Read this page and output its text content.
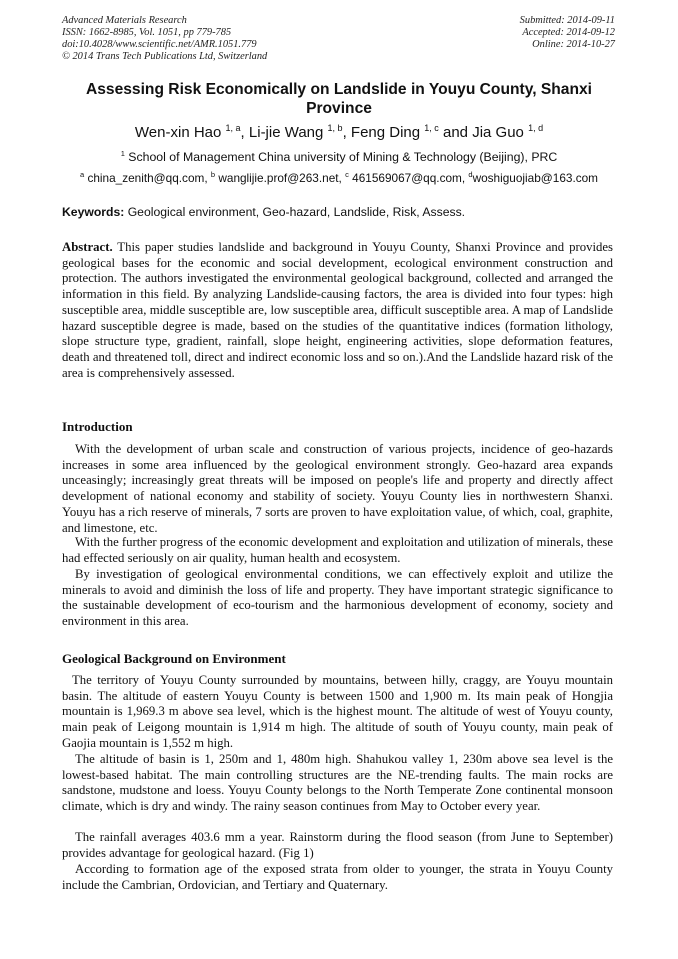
Advanced Materials Research
ISSN: 1662-8985, Vol. 1051, pp 779-785
doi:10.4028/www.scientific.net/AMR.1051.779
© 2014 Trans Tech Publications Ltd, Switzerland
Submitted: 2014-09-11
Accepted: 2014-09-12
Online: 2014-10-27
Assessing Risk Economically on Landslide in Youyu County, Shanxi Province
Wen-xin Hao $^{1, a}$, Li-jie Wang $^{1, b}$, Feng Ding $^{1, c}$ and Jia Guo $^{1, d}$
$^1$ School of Management China university of Mining & Technology (Beijing), PRC
$^a$ china_zenith@qq.com, $^b$ wanglijie.prof@263.net, $^c$ 461569067@qq.com, $^d$woshiguojiab@163.com
Keywords: Geological environment, Geo-hazard, Landslide, Risk, Assess.

Abstract. This paper studies landslide and background in Youyu County, Shanxi Province and provides geological bases for the economic and social development, ecological environment construction and protection. The authors investigated the environmental geological background, collected and arranged the information in this field. By analyzing Landslide-causing factors, the area is divided into four types: high susceptible area, middle susceptible are, low susceptible area, difficult susceptible area. A map of Landslide hazard susceptible degree is made, based on the studies of the quantitative indices (formation lithology, slope structure type, gradient, rainfall, slope height, engineering activities, slope deformation features, death and threatened toll, direct and indirect economic loss and so on.).And the Landslide hazard risk of the area is comprehensively assessed.

Introduction

With the development of urban scale and construction of various projects, incidence of geo-hazards increases in some area influenced by the geological environment strongly. Geo-hazard area expands unceasingly; increasingly great threats will be imposed on people's life and property and directly affect development of national economy and stability of society. Youyu County lies in northwestern Shanxi. Youyu has a rich reserve of minerals, 7 sorts are proven to have exploitation value, of which, coal, graphite, and limestone, etc.

With the further progress of the economic development and exploitation and utilization of minerals, these had effected seriously on air quality, human health and ecosystem.

By investigation of geological environmental conditions, we can effectively exploit and utilize the minerals to avoid and diminish the loss of life and property. They have important strategic significance to the sustainable development of eco-tourism and the harmonious development of economy, society and environment in this area.

Geological Background on Environment

The territory of Youyu County surrounded by mountains, between hilly, craggy, are Youyu mountain basin. The altitude of eastern Youyu County is between 1500 and 1,900 m. Its main peak of Hongjia mountain is 1,969.3 m above sea level, which is the highest mount. The altitude of west of Youyu county, main peak of Leigong mountain is 1,914 m high. The altitude of south of Youyu county, main peak of Gaojia mountain is 1,552 m high.

The altitude of basin is 1, 250m and 1, 480m high. Shahukou valley 1, 230m above sea level is the lowest-based habitat. The main controlling structures are the NE-trending faults. The main rocks are sandstone, mudstone and loess. Youyu County belongs to the North Temperate Zone continental monsoon climate, which is dry and windy. The rainy season continues from May to October every year.

The rainfall averages 403.6 mm a year. Rainstorm during the flood season (from June to September) provides advantage for geological hazard. (Fig 1)

According to formation age of the exposed strata from older to younger, the strata in Youyu County include the Cambrian, Ordovician, and Tertiary and Quaternary.
